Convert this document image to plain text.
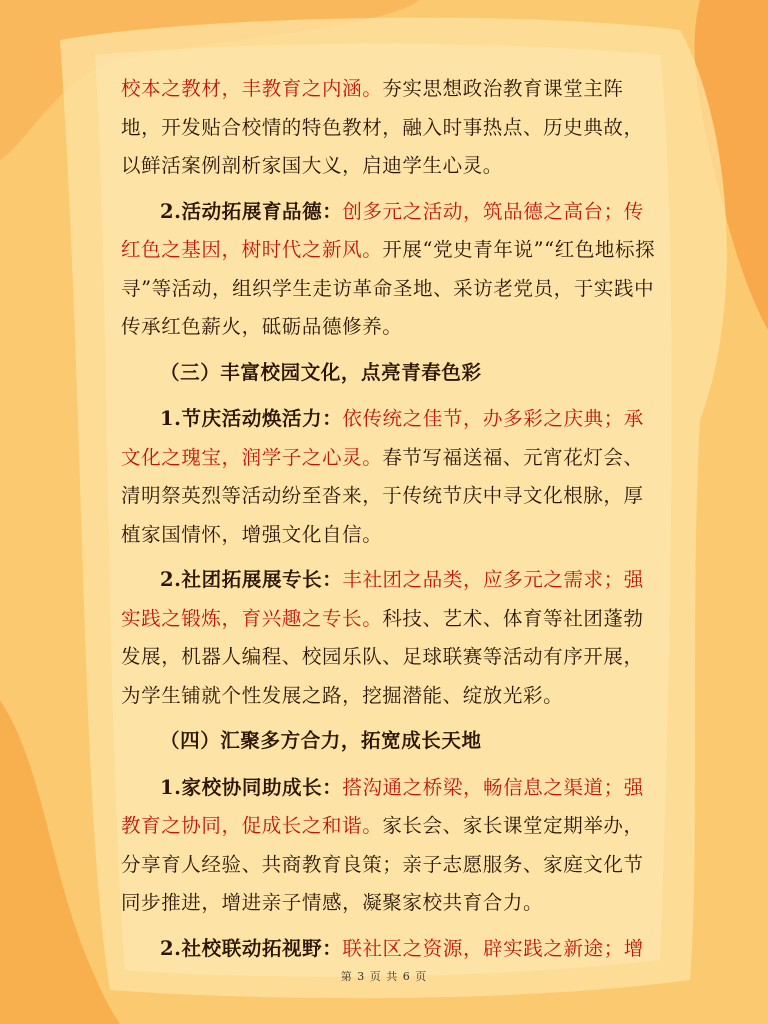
校本之教材，丰教育之内涵。夯实思想政治教育课堂主阵地，开发贴合校情的特色教材，融入时事热点、历史典故，以鲜活案例剖析家国大义，启迪学生心灵。

2.活动拓展育品德：创多元之活动，筑品德之高台；传红色之基因，树时代之新风。开展“党史青年说”“红色地标探寻”等活动，组织学生走访革命圣地、采访老党员，于实践中传承红色薪火，砥砺品德修养。

（三）丰富校园文化，点亮青春色彩

1.节庆活动焕活力：依传统之佳节，办多彩之庆典；承文化之瑰宝，润学子之心灵。春节写福送福、元宵花灯会、清明祭英烈等活动纷至沓来，于传统节庆中寻文化根脉，厚植家国情怀，增强文化自信。

2.社团拓展展专长：丰社团之品类，应多元之需求；强实践之锻炼，育兴趣之专长。科技、艺术、体育等社团蓬勃发展，机器人编程、校园乐队、足球联赛等活动有序开展，为学生铺就个性发展之路，挖掘潜能、绽放光彩。

（四）汇聚多方合力，拓宽成长天地

1.家校协同助成长：搭沟通之桥梁，畅信息之渠道；强教育之协同，促成长之和谐。家长会、家长课堂定期举办，分享育人经验、共商教育良策；亲子志愿服务、家庭文化节同步推进，增进亲子情感，凝聚家校共育合力。

2.社校联动拓视野：联社区之资源，辟实践之新途；增

第 3 页 共 6 页
